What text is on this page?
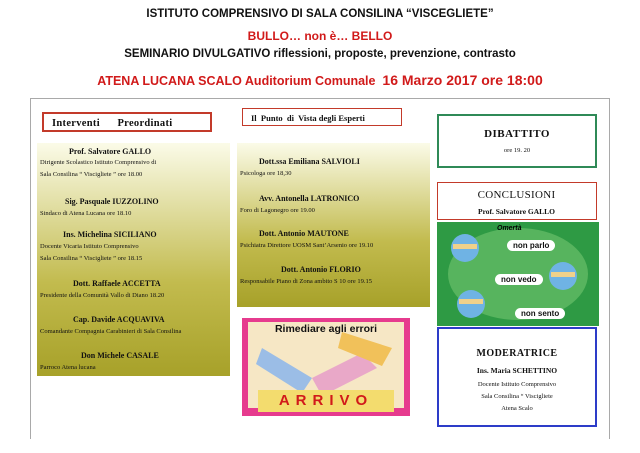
ISTITUTO COMPRENSIVO DI SALA CONSILINA “VISCEGLIETE”
BULLO… non è… BELLO
SEMINARIO DIVULGATIVO riflessioni, proposte, prevenzione, contrasto
ATENA LUCANA SCALO Auditorium Comunale 16 Marzo 2017 ore 18:00
Prof. Salvatore GALLO
Dirigente Scolastico Istituto Comprensivo di
Sala Consilina “ Viscigliete ” ore 18.00
Sig. Pasquale IUZZOLINO
Sindaco di Atena Lucana ore 18.10
Ins. Michelina SICILIANO
Docente Vicaria Istituto Comprensivo
Sala Consilina “ Viscigliete ” ore 18.15
Dott. Raffaele ACCETTA
Presidente della Comunità Vallo di Diano 18.20
Cap. Davide ACQUAVIVA
Comandante Compagnia Carabinieri di Sala Consilina
Don Michele CASALE
Parroco Atena lucana
Interventi      Preordinati
Dott.ssa Emiliana SALVIOLI
Psicologa ore 18,30
Avv. Antonella LATRONICO
Foro di Lagonegro ore 19.00
Dott. Antonio MAUTONE
Psichiatra Direttore UOSM Sant’Arsenio ore 19.10
Dott. Antonio FLORIO
Responsabile Piano di Zona ambito S 10 ore 19.15
Il  Punto  di  Vista degli Esperti
Rimediare agli errori
ARRIVO
DIBATTITO
ore 19. 20
CONCLUSIONI
Prof. Salvatore GALLO
Omertà
non parlo
non vedo
non sento
MODERATRICE
Ins. Maria SCHETTINO
Docente Istituto Comprensivo
Sala Consilina “ Viscigliete
Atena Scalo
